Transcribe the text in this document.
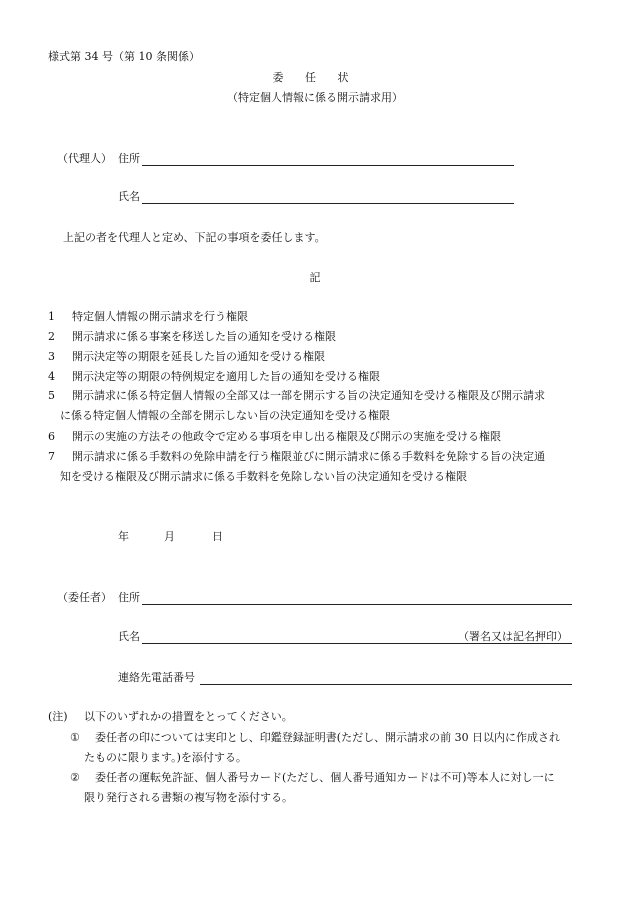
様式第 34 号（第 10 条関係）
委 任 状
（特定個人情報に係る開示請求用）
（代理人） 住所
氏名
上記の者を代理人と定め、下記の事項を委任します。
記
1 特定個人情報の開示請求を行う権限
2 開示請求に係る事案を移送した旨の通知を受ける権限
3 開示決定等の期限を延長した旨の通知を受ける権限
4 開示決定等の期限の特例規定を適用した旨の通知を受ける権限
5 開示請求に係る特定個人情報の全部又は一部を開示する旨の決定通知を受ける権限及び開示請求
に係る特定個人情報の全部を開示しない旨の決定通知を受ける権限
6 開示の実施の方法その他政令で定める事項を申し出る権限及び開示の実施を受ける権限
7 開示請求に係る手数料の免除申請を行う権限並びに開示請求に係る手数料を免除する旨の決定通
知を受ける権限及び開示請求に係る手数料を免除しない旨の決定通知を受ける権限
年	月	日
（委任者） 住所
氏名	（署名又は記名押印）
連絡先電話番号
(注) 以下のいずれかの措置をとってください。
① 委任者の印については実印とし、印鑑登録証明書(ただし、開示請求の前 30 日以内に作成され
たものに限ります。)を添付する。
② 委任者の運転免許証、個人番号カード(ただし、個人番号通知カードは不可)等本人に対し一に
限り発行される書類の複写物を添付する。
